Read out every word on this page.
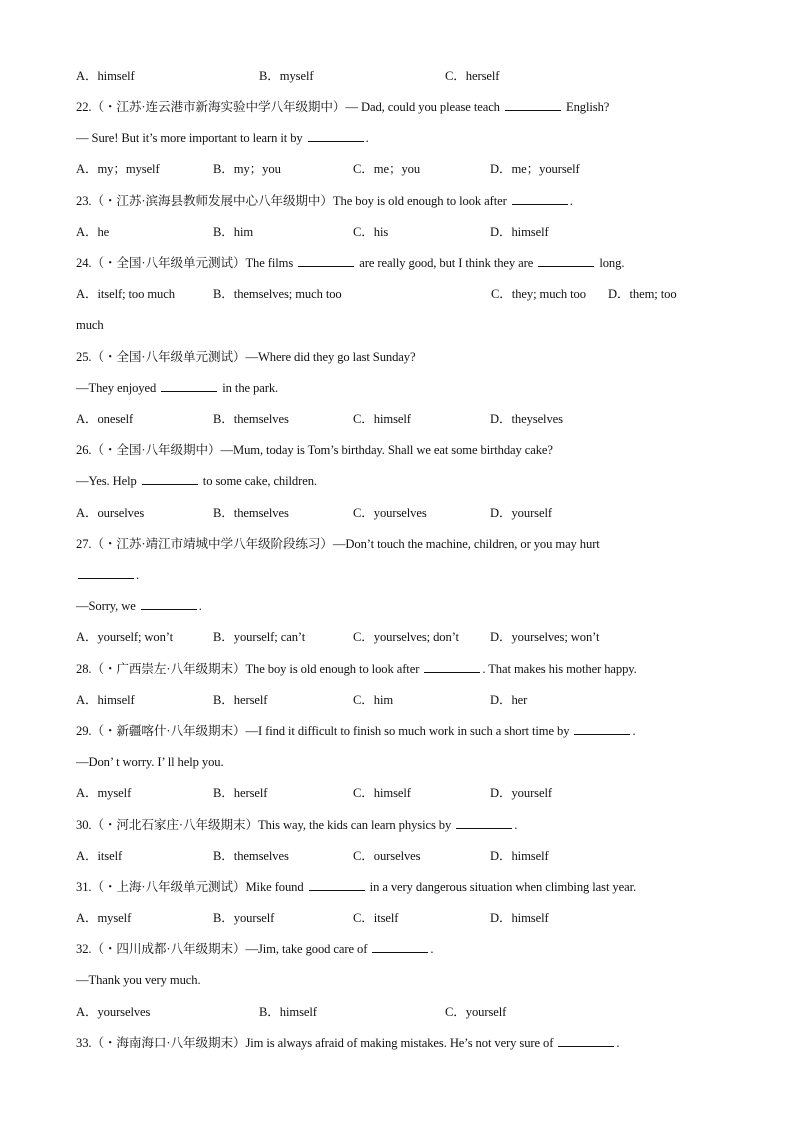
A．himself	B．myself	C．herself
22.（・江苏·连云港市新海实验中学八年级期中）— Dad, could you please teach	English?
— Sure! But it’s more important to learn it by	.
A．my；myself	B．my；you	C．me；you	D．me；yourself
23.（・江苏·滨海县教师发展中心八年级期中）The boy is old enough to look after	.
A．he	B．him	C．his	D．himself
24.（・全国·八年级单元测试）The films	are really good, but I think they are	long.
A．itself; too much	B．themselves; much too	C．they; much too D．them; too
much
25.（・全国·八年级单元测试）—Where did they go last Sunday?
—They enjoyed	in the park.
A．oneself	B．themselves	C．himself	D．theyselves
26.（・全国·八年级期中）—Mum, today is Tom’s birthday. Shall we eat some birthday cake?
—Yes. Help	to some cake, children.
A．ourselves	B．themselves	C．yourselves	D．yourself
27.（・江苏·靖江市靖城中学八年级阶段练习）—Don’t touch the machine, children, or you may hurt
.
—Sorry, we	.
A．yourself; won’t	B．yourself; can’t	C．yourselves; don’t D．yourselves; won’t
28.（・广西崇左·八年级期末）The boy is old enough to look after	. That makes his mother happy.
A．himself	B．herself	C．him	D．her
29.（・新疆喀什·八年级期末）—I find it difficult to finish so much work in such a short time by	.
—Don’ t worry. I’ ll help you.
A．myself	B．herself	C．himself	D．yourself
30.（・河北石家庄·八年级期末）This way, the kids can learn physics by	.
A．itself	B．themselves	C．ourselves	D．himself
31.（・上海·八年级单元测试）Mike found	in a very dangerous situation when climbing last year.
A．myself	B．yourself	C．itself	D．himself
32.（・四川成都·八年级期末）—Jim, take good care of	.
—Thank you very much.
A．yourselves	B．himself	C．yourself
33.（・海南海口·八年级期末）Jim is always afraid of making mistakes. He’s not very sure of	.
